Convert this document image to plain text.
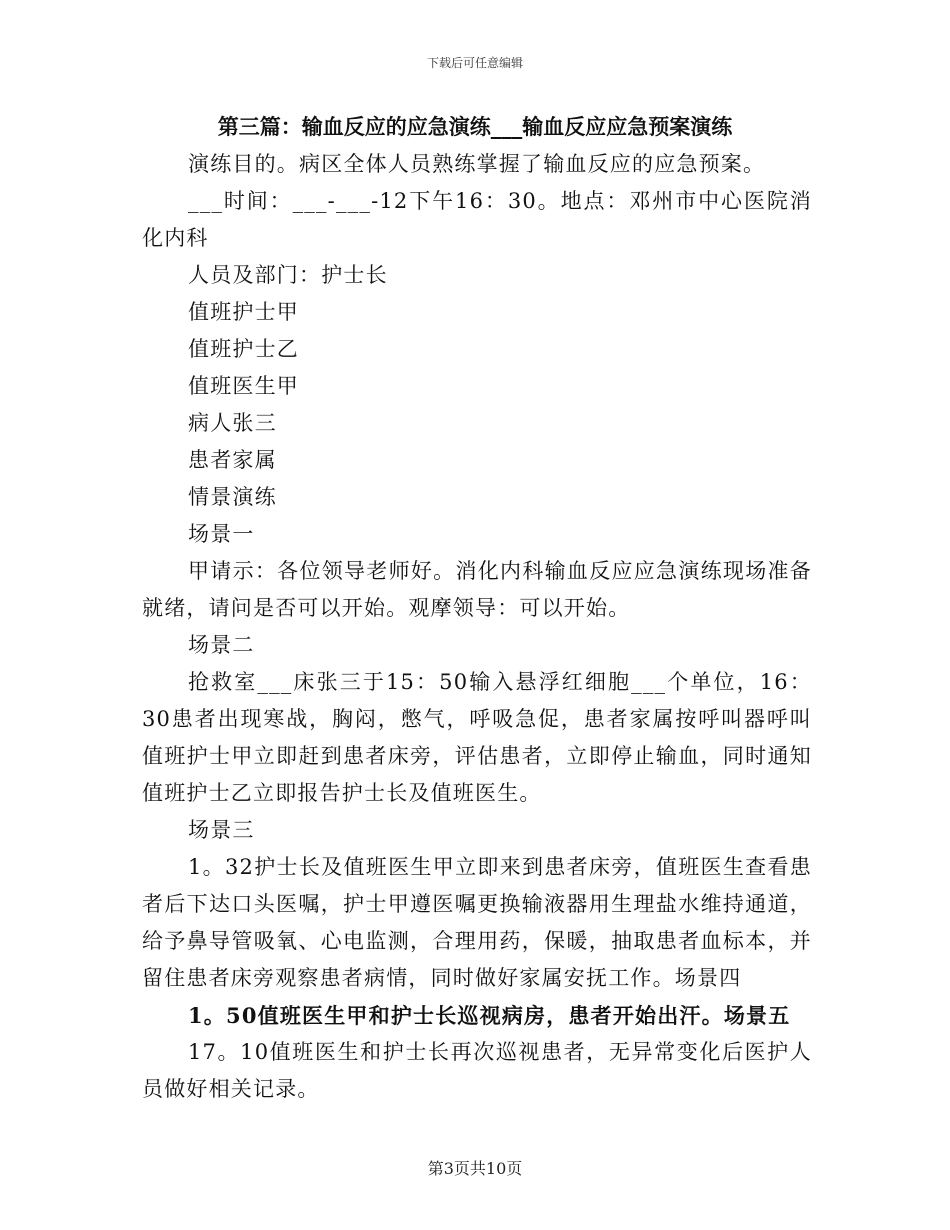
下载后可任意编辑
第三篇：输血反应的应急演练___输血反应应急预案演练

演练目的。病区全体人员熟练掌握了输血反应的应急预案。

___时间：___-___-12下午16：30。地点：邓州市中心医院消化内科

人员及部门：护士长

值班护士甲

值班护士乙

值班医生甲

病人张三

患者家属

情景演练

场景一

甲请示：各位领导老师好。消化内科输血反应应急演练现场准备就绪，请问是否可以开始。观摩领导：可以开始。

场景二

抢救室___床张三于15：50输入悬浮红细胞___个单位，16：30患者出现寒战，胸闷，憋气，呼吸急促，患者家属按呼叫器呼叫值班护士甲立即赶到患者床旁，评估患者，立即停止输血，同时通知值班护士乙立即报告护士长及值班医生。

场景三

1。32护士长及值班医生甲立即来到患者床旁，值班医生查看患者后下达口头医嘱，护士甲遵医嘱更换输液器用生理盐水维持通道，给予鼻导管吸氧、心电监测，合理用药，保暖，抽取患者血标本，并留住患者床旁观察患者病情，同时做好家属安抚工作。场景四

1。50值班医生甲和护士长巡视病房，患者开始出汗。场景五

17。10值班医生和护士长再次巡视患者，无异常变化后医护人员做好相关记录。

第3页共10页
